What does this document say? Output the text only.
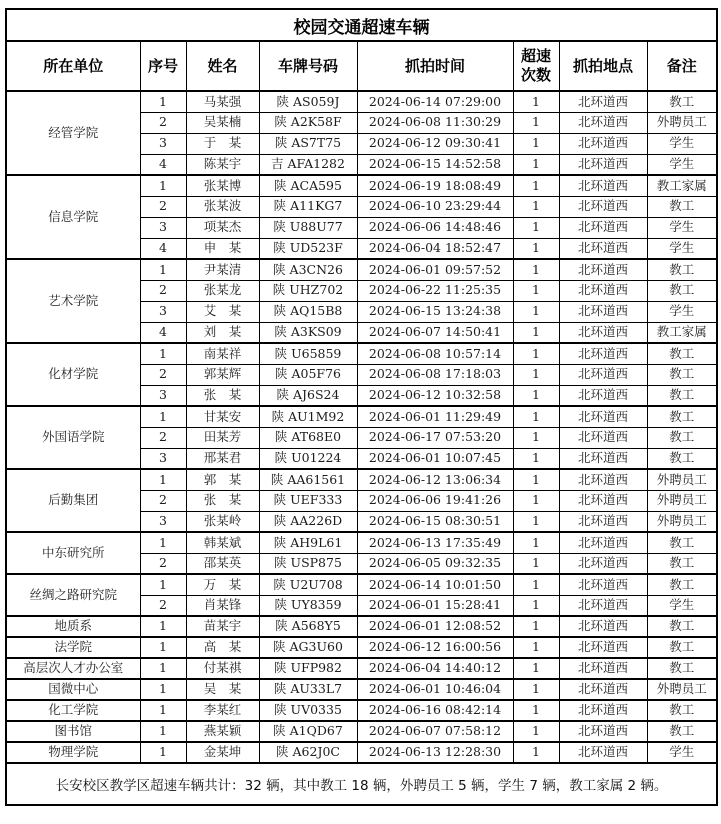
校园交通超速车辆							
所在单位	序号	姓名	车牌号码	抓拍时间	超速次数	抓拍地点	备注
经管学院	1	马某强	陕 AS059J	2024-06-14 07:29:00	1	北环道西	教工
	2	吴某楠	陕 A2K58F	2024-06-08 11:30:29	1	北环道西	外聘员工
	3	于　某	陕 AS7T75	2024-06-12 09:30:41	1	北环道西	学生
	4	陈某宇	吉 AFA1282	2024-06-15 14:52:58	1	北环道西	学生
信息学院	1	张某博	陕 ACA595	2024-06-19 18:08:49	1	北环道西	教工家属
	2	张某波	陕 A11KG7	2024-06-10 23:29:44	1	北环道西	教工
	3	项某杰	陕 U88U77	2024-06-06 14:48:46	1	北环道西	学生
	4	申　某	陕 UD523F	2024-06-04 18:52:47	1	北环道西	学生
艺术学院	1	尹某清	陕 A3CN26	2024-06-01 09:57:52	1	北环道西	教工
	2	张某龙	陕 UHZ702	2024-06-22 11:25:35	1	北环道西	教工
	3	艾　某	陕 AQ15B8	2024-06-15 13:24:38	1	北环道西	学生
	4	刘　某	陕 A3KS09	2024-06-07 14:50:41	1	北环道西	教工家属
化材学院	1	南某祥	陕 U65859	2024-06-08 10:57:14	1	北环道西	教工
	2	郭某辉	陕 A05F76	2024-06-08 17:18:03	1	北环道西	教工
	3	张　某	陕 AJ6S24	2024-06-12 10:32:58	1	北环道西	教工
外国语学院	1	甘某安	陕 AU1M92	2024-06-01 11:29:49	1	北环道西	教工
	2	田某芳	陕 AT68E0	2024-06-17 07:53:20	1	北环道西	教工
	3	邢某君	陕 U01224	2024-06-01 10:07:45	1	北环道西	教工
后勤集团	1	郭　某	陕 AA61561	2024-06-12 13:06:34	1	北环道西	外聘员工
	2	张　某	陕 UEF333	2024-06-06 19:41:26	1	北环道西	外聘员工
	3	张某岭	陕 AA226D	2024-06-15 08:30:51	1	北环道西	外聘员工
中东研究所	1	韩某斌	陕 AH9L61	2024-06-13 17:35:49	1	北环道西	教工
	2	邵某英	陕 USP875	2024-06-05 09:32:35	1	北环道西	教工
丝绸之路研究院	1	万　某	陕 U2U708	2024-06-14 10:01:50	1	北环道西	教工
	2	肖某锋	陕 UY8359	2024-06-01 15:28:41	1	北环道西	学生
地质系	1	苗某宇	陕 A568Y5	2024-06-01 12:08:52	1	北环道西	教工
法学院	1	高　某	陕 AG3U60	2024-06-12 16:00:56	1	北环道西	教工
高层次人才办公室	1	付某祺	陕 UFP982	2024-06-04 14:40:12	1	北环道西	教工
国微中心	1	吴　某	陕 AU33L7	2024-06-01 10:46:04	1	北环道西	外聘员工
化工学院	1	李某红	陕 UV0335	2024-06-16 08:42:14	1	北环道西	教工
图书馆	1	燕某颖	陕 A1QD67	2024-06-07 07:58:12	1	北环道西	教工
物理学院	1	金某坤	陕 A62J0C	2024-06-13 12:28:30	1	北环道西	学生
长安校区教学区超速车辆共计：32 辆，其中教工 18 辆，外聘员工 5 辆，学生 7 辆，教工家属 2 辆。							
